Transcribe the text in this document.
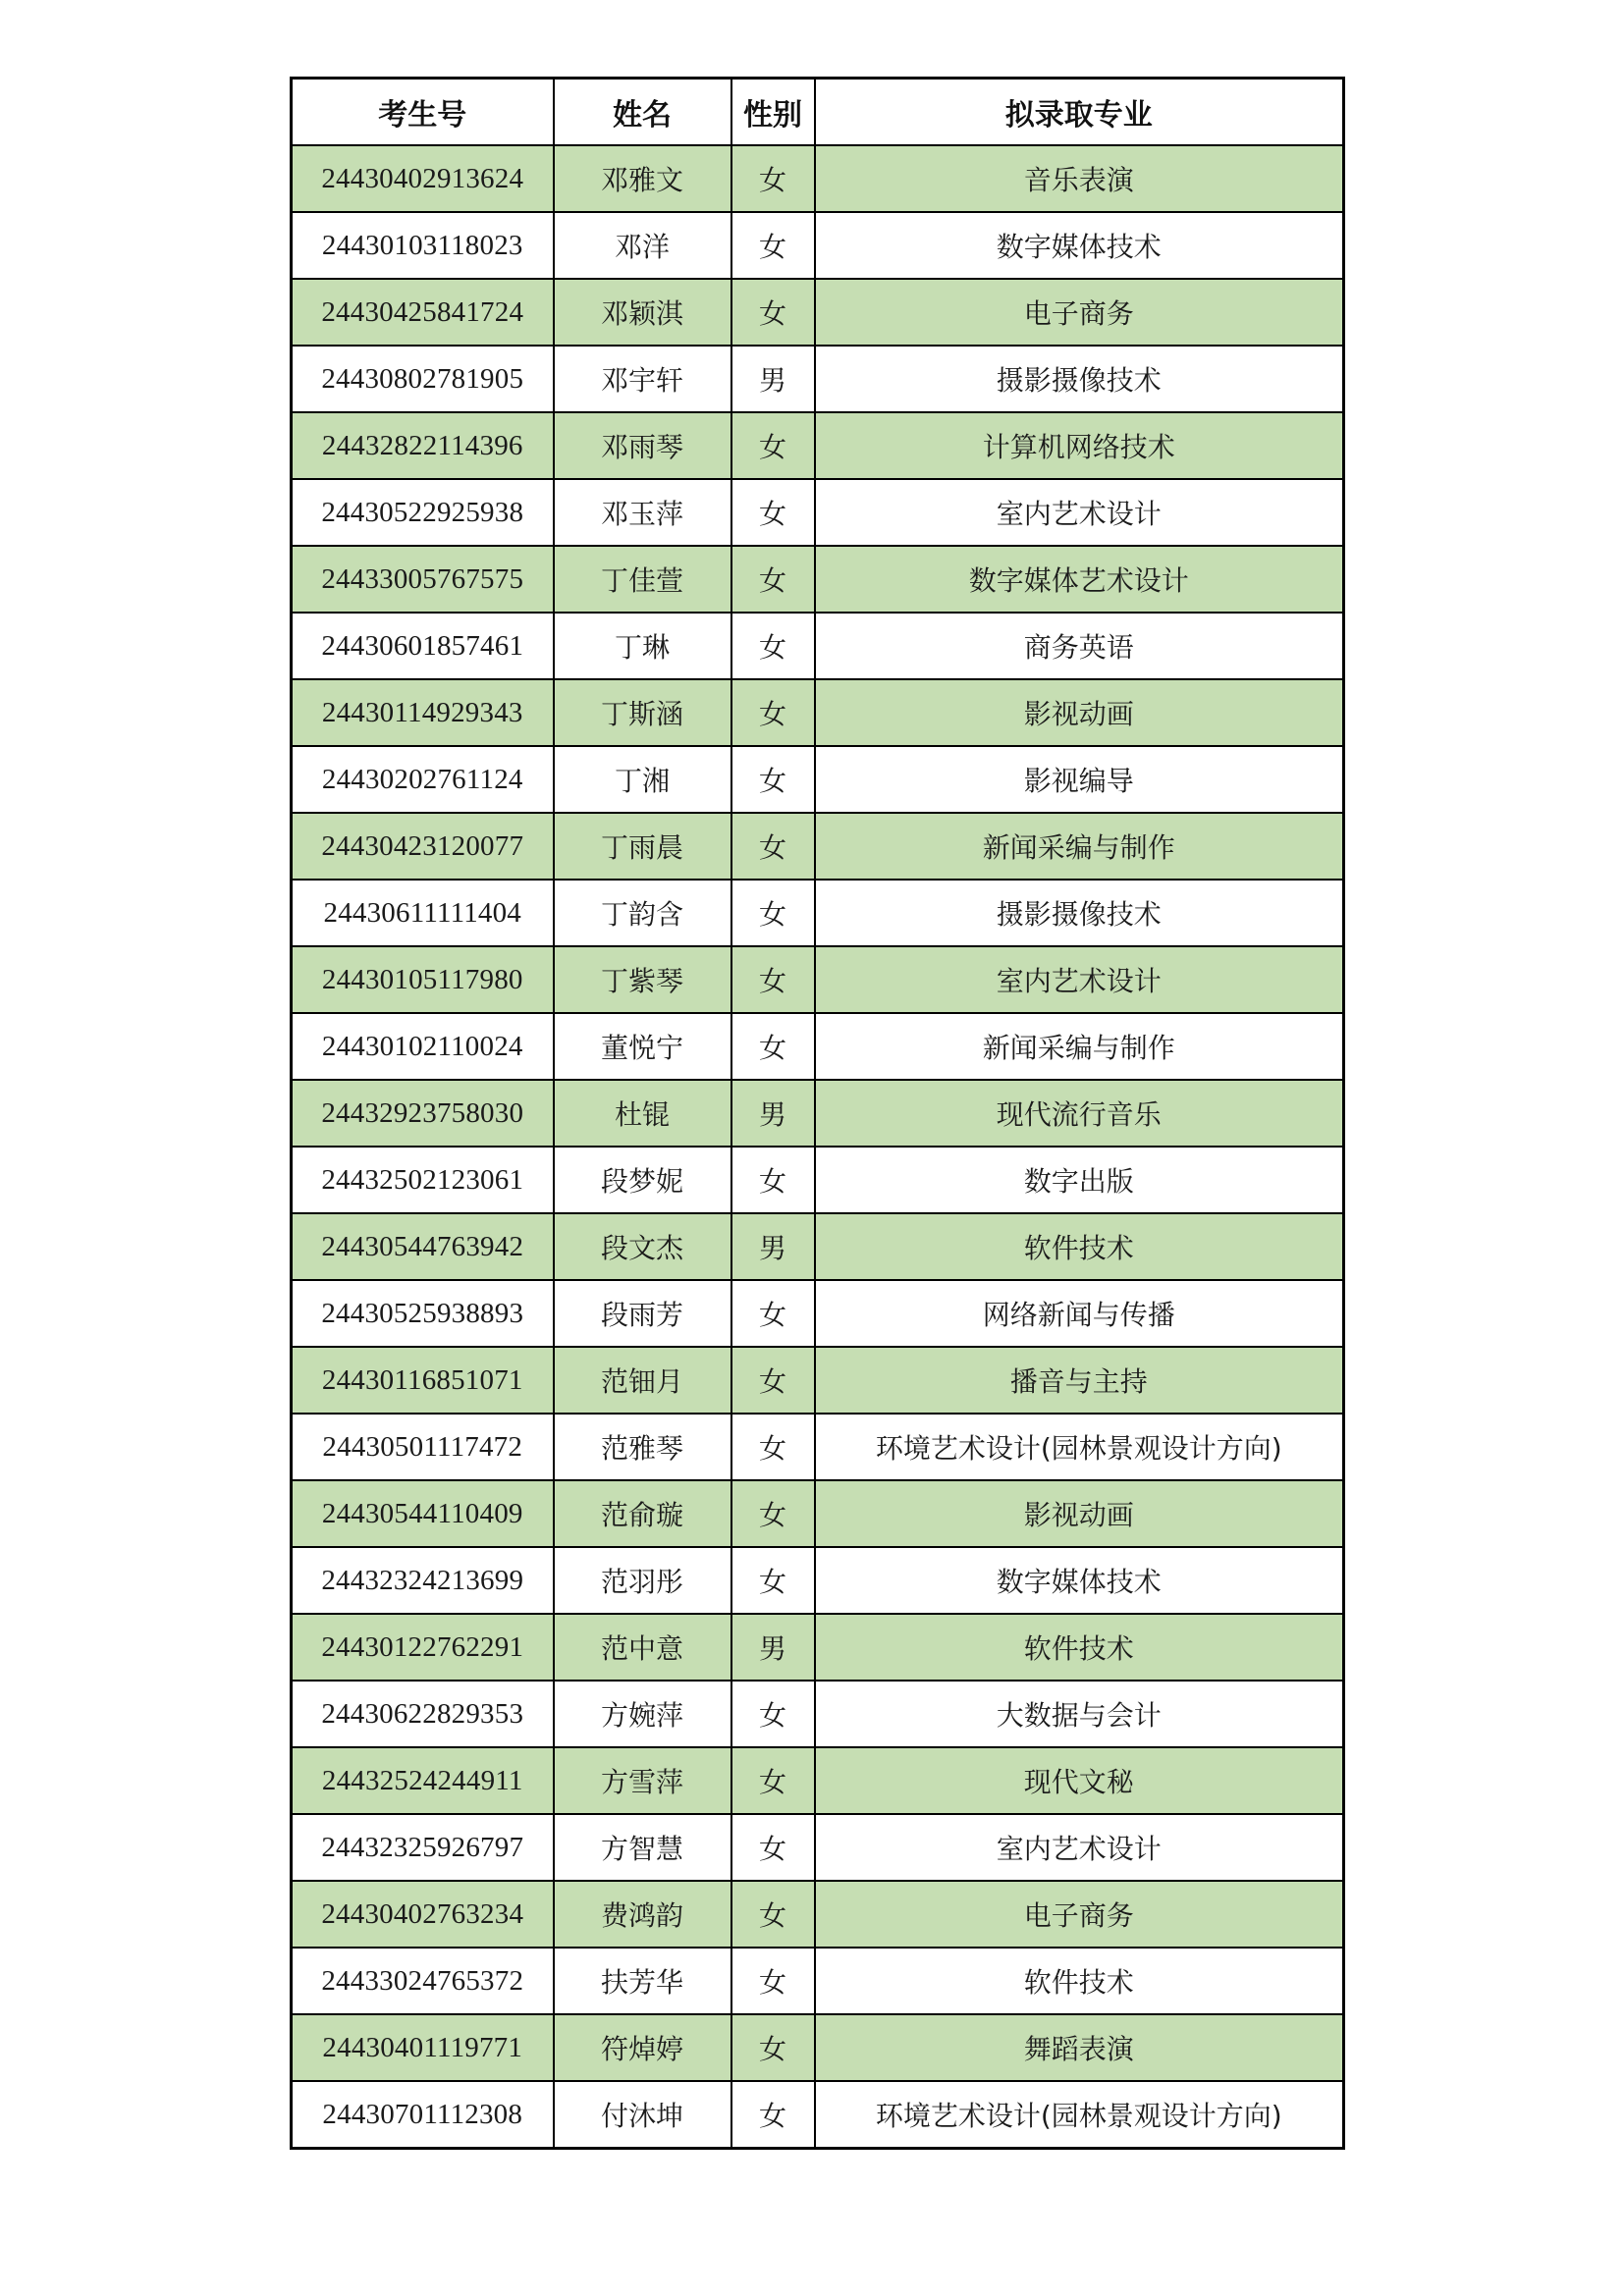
考生号	姓名	性别	拟录取专业
24430402913624	邓雅文	女	音乐表演
24430103118023	邓洋	女	数字媒体技术
24430425841724	邓颖淇	女	电子商务
24430802781905	邓宇轩	男	摄影摄像技术
24432822114396	邓雨琴	女	计算机网络技术
24430522925938	邓玉萍	女	室内艺术设计
24433005767575	丁佳萱	女	数字媒体艺术设计
24430601857461	丁琳	女	商务英语
24430114929343	丁斯涵	女	影视动画
24430202761124	丁湘	女	影视编导
24430423120077	丁雨晨	女	新闻采编与制作
24430611111404	丁韵含	女	摄影摄像技术
24430105117980	丁紫琴	女	室内艺术设计
24430102110024	董悦宁	女	新闻采编与制作
24432923758030	杜锟	男	现代流行音乐
24432502123061	段梦妮	女	数字出版
24430544763942	段文杰	男	软件技术
24430525938893	段雨芳	女	网络新闻与传播
24430116851071	范钿月	女	播音与主持
24430501117472	范雅琴	女	环境艺术设计(园林景观设计方向)
24430544110409	范俞璇	女	影视动画
24432324213699	范羽彤	女	数字媒体技术
24430122762291	范中意	男	软件技术
24430622829353	方婉萍	女	大数据与会计
24432524244911	方雪萍	女	现代文秘
24432325926797	方智慧	女	室内艺术设计
24430402763234	费鸿韵	女	电子商务
24433024765372	扶芳华	女	软件技术
24430401119771	符焯婷	女	舞蹈表演
24430701112308	付沐坤	女	环境艺术设计(园林景观设计方向)
